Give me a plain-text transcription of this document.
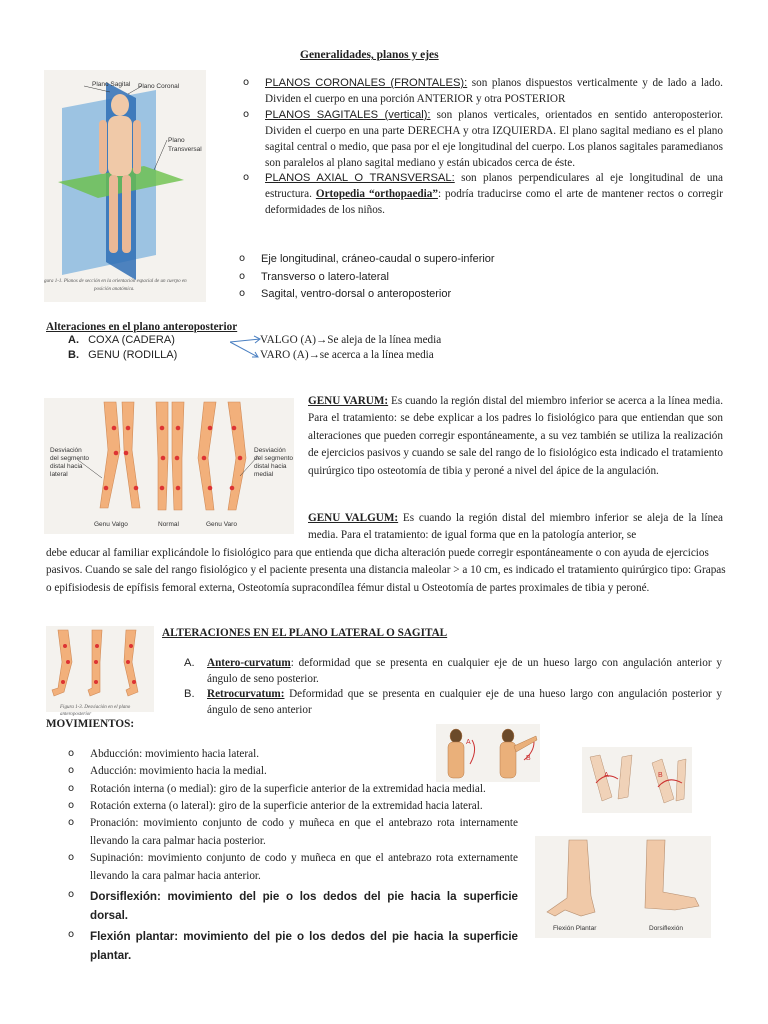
Generalidades, planos y ejes
Plano Sagital Plano Coronal
Plano
Transversal
gura 1-1. Planos de sección en la orientación espacial de un cuerpo en
posición anatómica.
o PLANOS CORONALES (FRONTALES): son planos dispuestos verticalmente y de lado a lado. Dividen el cuerpo en una porción ANTERIOR y otra POSTERIOR
o PLANOS SAGITALES (vertical): son planos verticales, orientados en sentido anteroposterior. Dividen el cuerpo en una parte DERECHA y otra IZQUIERDA. El plano sagital mediano es el plano sagital central o medio, que pasa por el eje longitudinal del cuerpo. Los planos sagitales paramedianos son paralelos al plano sagital mediano y están ubicados cerca de éste.
o PLANOS AXIAL O TRANSVERSAL: son planos perpendiculares al eje longitudinal de una estructura. Ortopedia “orthopaedia”: podría traducirse como el arte de mantener rectos o corregir deformidades de los niños.
o Eje longitudinal, cráneo-caudal o supero-inferior
o Transverso o latero-lateral
o Sagital, ventro-dorsal o anteroposterior
Alteraciones en el plano anteroposterior
A. COXA (CADERA)
B. GENU (RODILLA)
VALGO (A)→Se aleja de la línea media
VARO (A)→se acerca a la línea media
Desviación
del segmento
distal hacia
lateral
Desviación
del segmento
distal hacia
medial
Genu Valgo	Normal	Genu Varo
GENU VARUM: Es cuando la región distal del miembro inferior se acerca a la línea media. Para el tratamiento: se debe explicar a los padres lo fisiológico para que entiendan que son alteraciones que pueden corregir espontáneamente, a su vez también se utiliza la realización de ejercicios pasivos y cuando se sale del rango de lo fisiológico esta indicado el tratamiento quirúrgico tipo osteotomía de tibia y peroné a nivel del ápice de la angulación.
GENU VALGUM: Es cuando la región distal del miembro inferior se aleja de la línea media. Para el tratamiento: de igual forma que en la patología anterior, se
debe educar al familiar explicándole lo fisiológico para que entienda que dicha alteración puede corregir espontáneamente o con ayuda de ejercicios pasivos. Cuando se sale del rango fisiológico y el paciente presenta una distancia maleolar > a 10 cm, es indicado el tratamiento quirúrgico tipo: Grapas o epifisiodesis de epífisis femoral externa, Osteotomía supracondílea fémur distal u Osteotomía de partes proximales de tibia y peroné.
Figura 1-3. Desviación en el plano anteroposterior
ALTERACIONES EN EL PLANO LATERAL O SAGITAL
A. Antero-curvatum: deformidad que se presenta en cualquier eje de un hueso largo con angulación anterior y ángulo de seno posterior.
B. Retrocurvatum: Deformidad que se presenta en cualquier eje de una hueso largo con angulación posterior y ángulo de seno anterior
MOVIMIENTOS:
o Abducción: movimiento hacia lateral.
o Aducción: movimiento hacia la medial.
o Rotación interna (o medial): giro de la superficie anterior de la extremidad hacia medial.
o Rotación externa (o lateral): giro de la superficie anterior de la extremidad hacia lateral.
o Pronación: movimiento conjunto de codo y muñeca en que el antebrazo rota internamente llevando la cara palmar hacia posterior.
o Supinación: movimiento conjunto de codo y muñeca en que el antebrazo rota externamente llevando la cara palmar hacia anterior.
o Dorsiflexión: movimiento del pie o los dedos del pie hacia la superficie dorsal.
o Flexión plantar: movimiento del pie o los dedos del pie hacia la superficie plantar.
A
B
A	B
Flexión Plantar	Dorsiflexión
